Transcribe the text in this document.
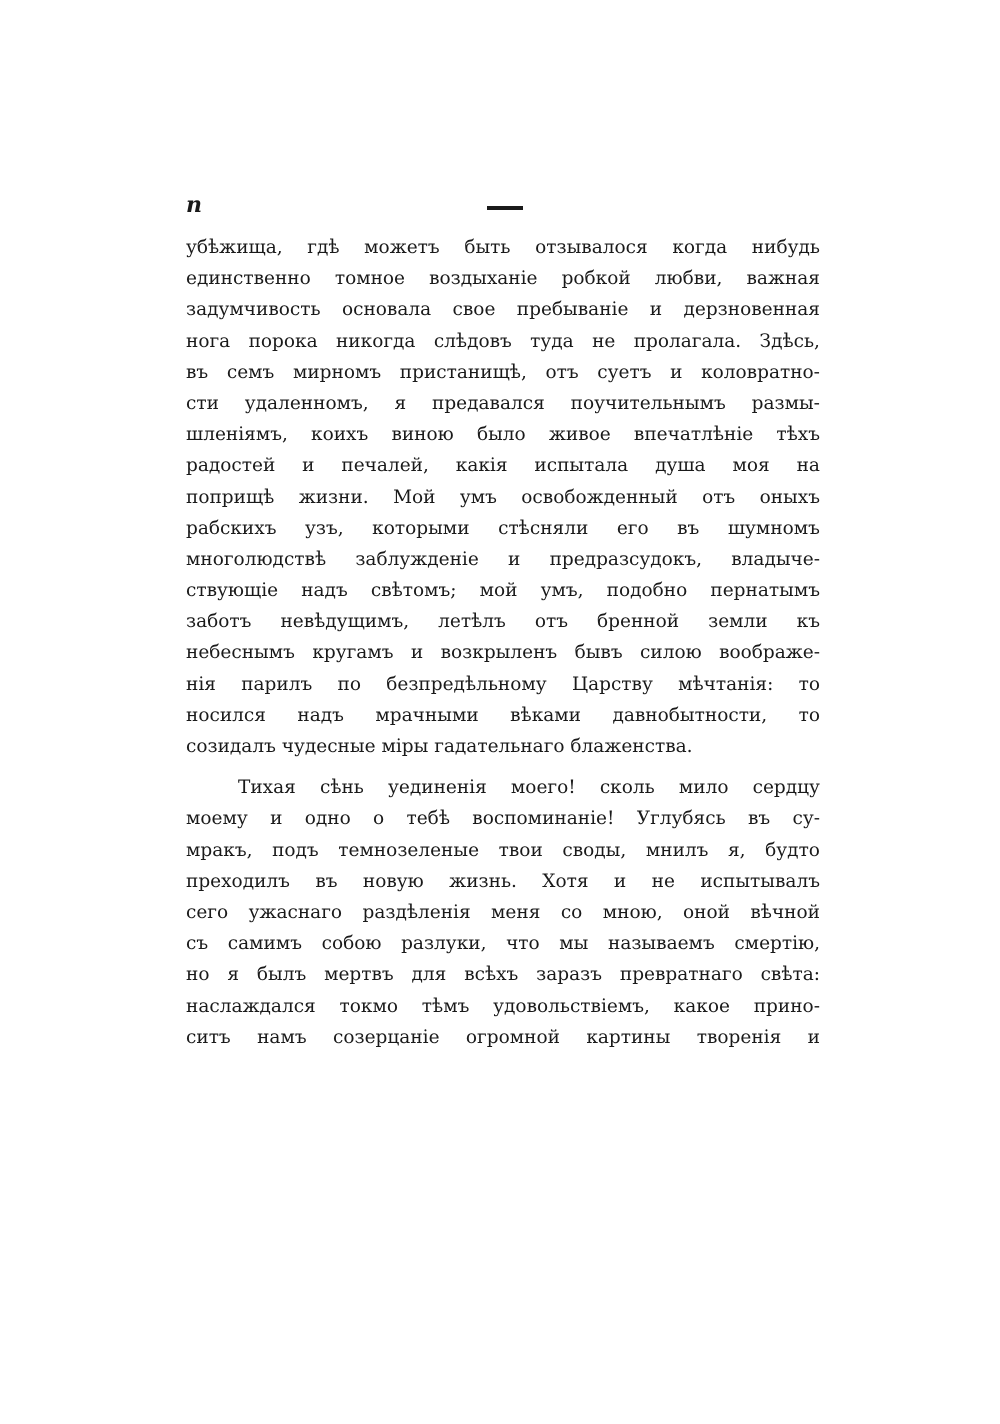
п
убѣжища, гдѣ можетъ быть отзывалося когда нибудь
единственно томное воздыханіе робкой любви, важная
задумчивость основала свое пребываніе и дерзновенная
нога порока никогда слѣдовъ туда не пролагала. Здѣсь,
въ семъ мирномъ пристанищѣ, отъ суетъ и коловратно-
сти удаленномъ, я предавался поучительнымъ размы-
шленіямъ, коихъ виною было живое впечатлѣніе тѣхъ
радостей и печалей, какія испытала душа моя на
поприщѣ жизни. Мой умъ освобожденный отъ оныхъ
рабскихъ узъ, которыми стѣсняли его въ шумномъ
многолюдствѣ заблужденіе и предразсудокъ, владыче-
ствующіе надъ свѣтомъ; мой умъ, подобно пернатымъ
заботъ невѣдущимъ, летѣлъ отъ бренной земли къ
небеснымъ кругамъ и возкрыленъ бывъ силою воображе-
нія парилъ по безпредѣльному Царству мѣчтанія: то
носился надъ мрачными вѣками давнобытности, то
созидалъ чудесные міры гадательнаго блаженства.
Тихая сѣнь уединенія моего! сколь мило сердцу
моему и одно о тебѣ воспоминаніе! Углубясь въ су-
мракъ, подъ темнозеленые твои своды, мнилъ я, будто
преходилъ въ новую жизнь. Хотя и не испытывалъ
сего ужаснаго раздѣленія меня со мною, оной вѣчной
съ самимъ собою разлуки, что мы называемъ смертію,
но я былъ мертвъ для всѣхъ заразъ превратнаго свѣта:
наслаждался токмо тѣмъ удовольствіемъ, какое прино-
ситъ намъ созерцаніе огромной картины творенія и
